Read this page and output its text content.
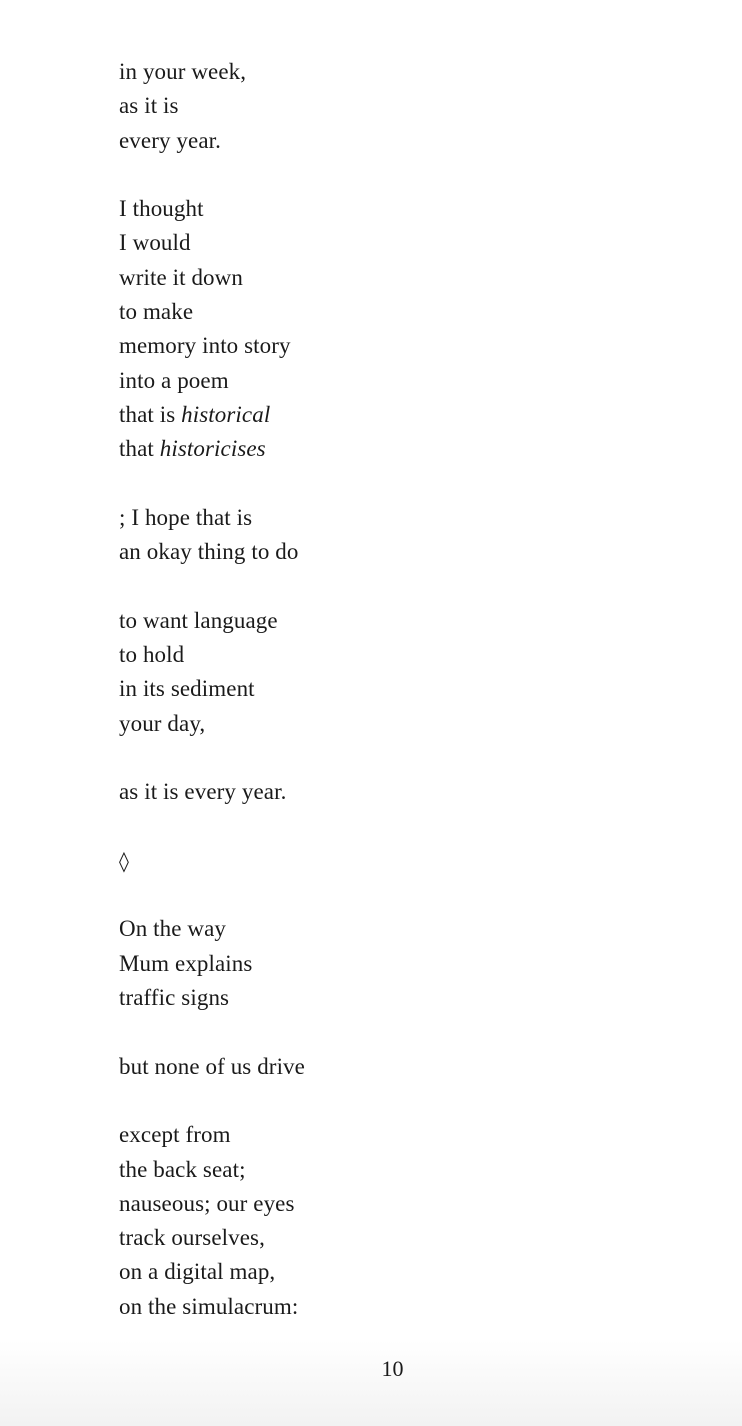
in your week,
as it is
every year.
I thought
I would
write it down
to make
memory into story
into a poem
that is historical
that historicises
; I hope that is
an okay thing to do
to want language
to hold
in its sediment
your day,
as it is every year.
◊
On the way
Mum explains
traffic signs
but none of us drive
except from
the back seat;
nauseous; our eyes
track ourselves,
on a digital map,
on the simulacrum:
10
